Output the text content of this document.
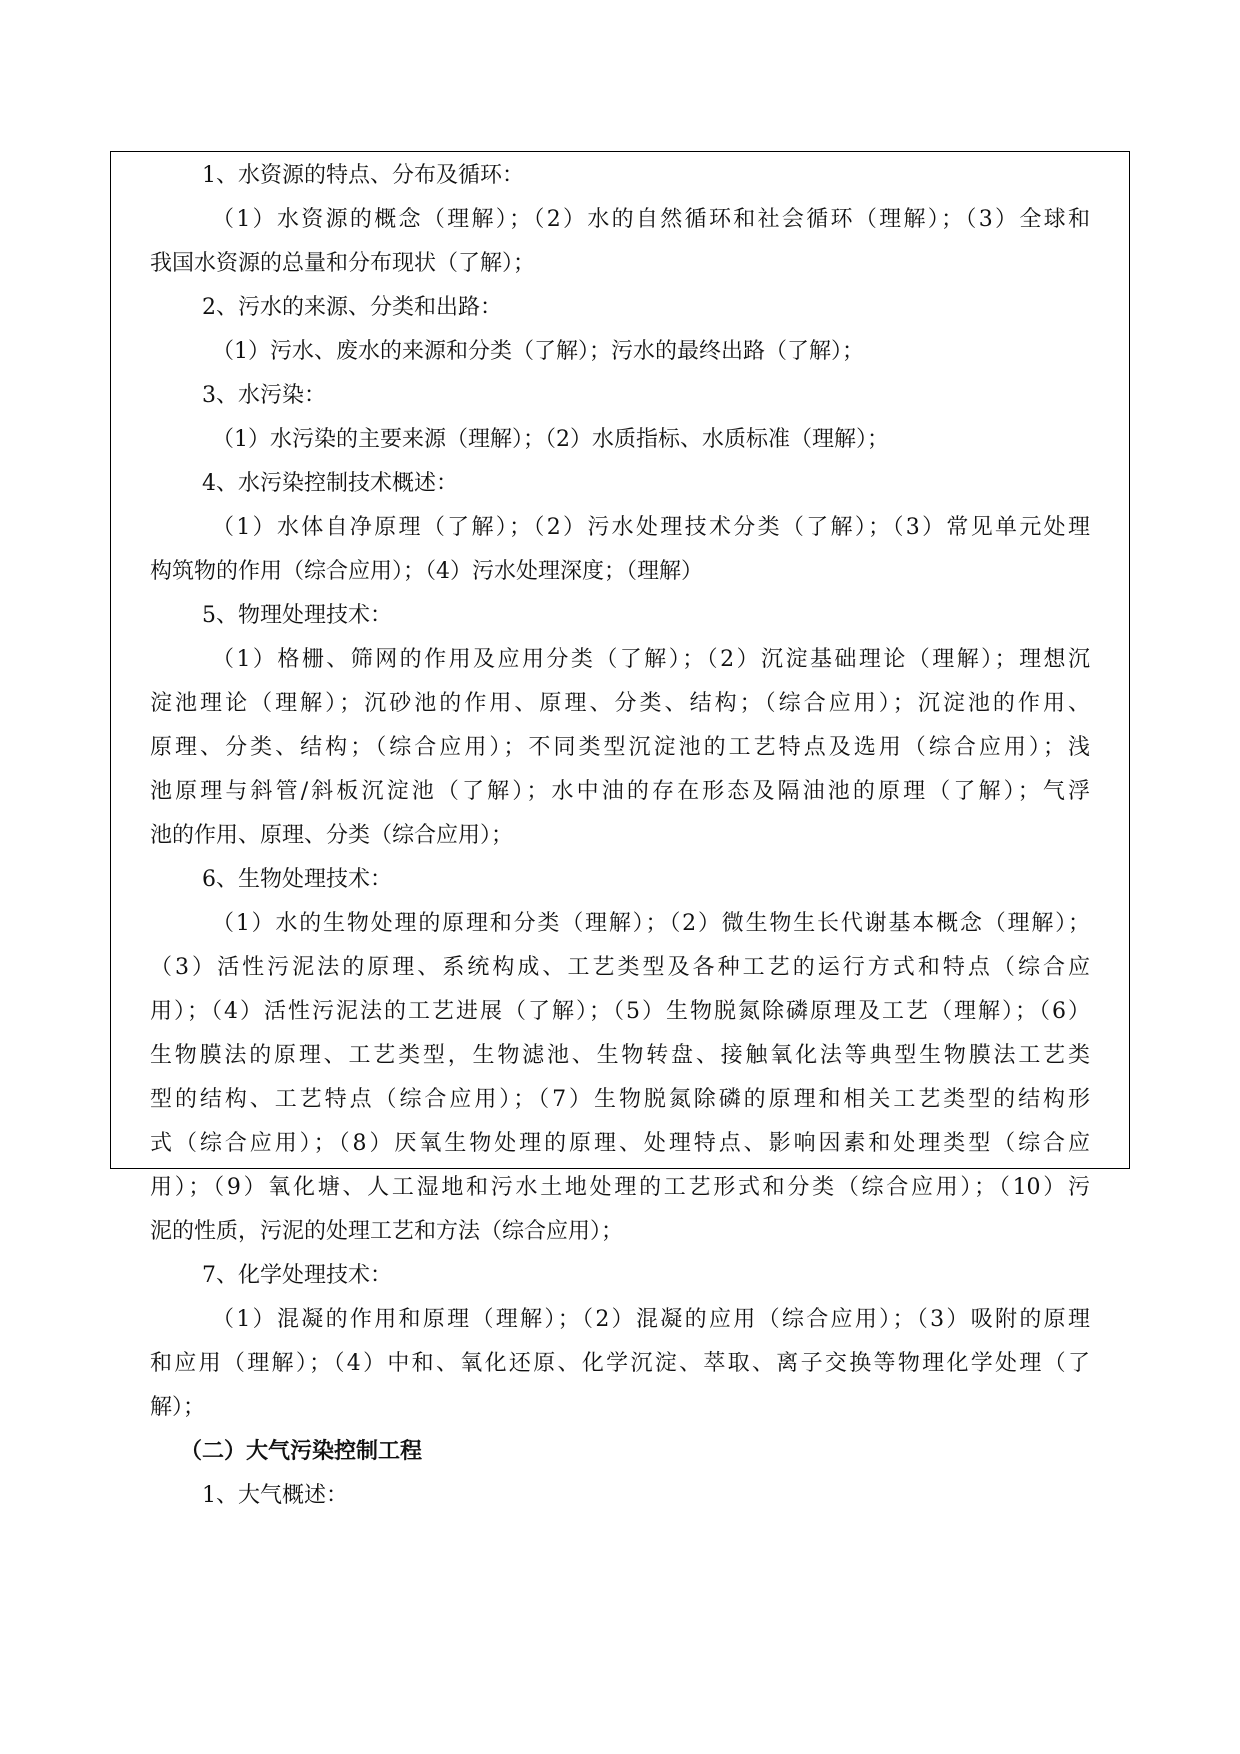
1、水资源的特点、分布及循环：
（1）水资源的概念（理解）；（2）水的自然循环和社会循环（理解）；（3）全球和
我国水资源的总量和分布现状（了解）；
2、污水的来源、分类和出路：
（1）污水、废水的来源和分类（了解）；污水的最终出路（了解）；
3、水污染：
（1）水污染的主要来源（理解）；（2）水质指标、水质标准（理解）；
4、水污染控制技术概述：
（1）水体自净原理（了解）；（2）污水处理技术分类（了解）；（3）常见单元处理
构筑物的作用（综合应用）；（4）污水处理深度；（理解）
5、物理处理技术：
（1）格栅、筛网的作用及应用分类（了解）；（2）沉淀基础理论（理解）；理想沉
淀池理论（理解）；沉砂池的作用、原理、分类、结构；（综合应用）；沉淀池的作用、
原理、分类、结构；（综合应用）；不同类型沉淀池的工艺特点及选用（综合应用）；浅
池原理与斜管/斜板沉淀池（了解）；水中油的存在形态及隔油池的原理（了解）；气浮
池的作用、原理、分类（综合应用）；
6、生物处理技术：
（1）水的生物处理的原理和分类（理解）；（2）微生物生长代谢基本概念（理解）；
（3）活性污泥法的原理、系统构成、工艺类型及各种工艺的运行方式和特点（综合应
用）；（4）活性污泥法的工艺进展（了解）；（5）生物脱氮除磷原理及工艺（理解）；（6）
生物膜法的原理、工艺类型，生物滤池、生物转盘、接触氧化法等典型生物膜法工艺类
型的结构、工艺特点（综合应用）；（7）生物脱氮除磷的原理和相关工艺类型的结构形
式（综合应用）；（8）厌氧生物处理的原理、处理特点、影响因素和处理类型（综合应
用）；（9）氧化塘、人工湿地和污水土地处理的工艺形式和分类（综合应用）；（10）污
泥的性质，污泥的处理工艺和方法（综合应用）；
7、化学处理技术：
（1）混凝的作用和原理（理解）；（2）混凝的应用（综合应用）；（3）吸附的原理
和应用（理解）；（4）中和、氧化还原、化学沉淀、萃取、离子交换等物理化学处理（了
解）；
（二）大气污染控制工程
1、大气概述：
